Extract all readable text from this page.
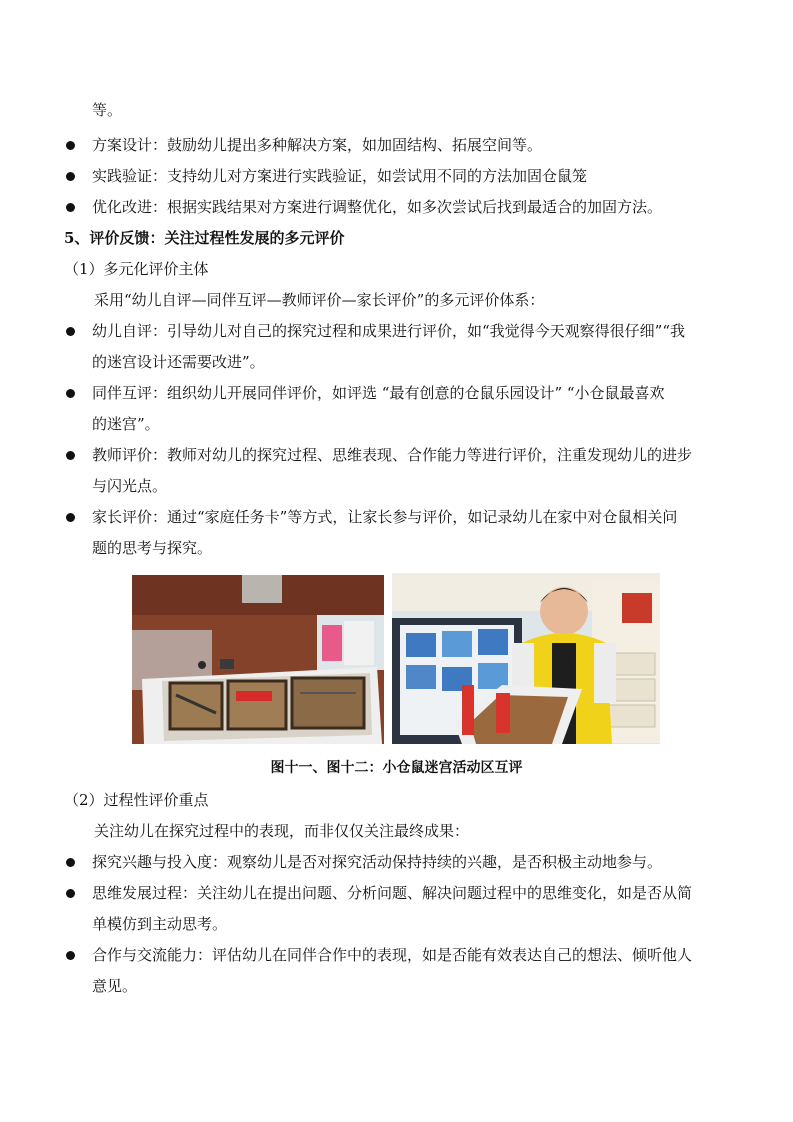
等。
方案设计：鼓励幼儿提出多种解决方案，如加固结构、拓展空间等。
实践验证：支持幼儿对方案进行实践验证，如尝试用不同的方法加固仓鼠笼
优化改进：根据实践结果对方案进行调整优化，如多次尝试后找到最适合的加固方法。
5、评价反馈：关注过程性发展的多元评价
（1）多元化评价主体
采用“幼儿自评—同伴互评—教师评价—家长评价”的多元评价体系：
幼儿自评：引导幼儿对自己的探究过程和成果进行评价，如“我觉得今天观察得很仔细”“我
的迷宫设计还需要改进”。
同伴互评：组织幼儿开展同伴评价，如评选 “最有创意的仓鼠乐园设计” “小仓鼠最喜欢
的迷宫”。
教师评价：教师对幼儿的探究过程、思维表现、合作能力等进行评价，注重发现幼儿的进步
与闪光点。
家长评价：通过“家庭任务卡”等方式，让家长参与评价，如记录幼儿在家中对仓鼠相关问
题的思考与探究。
图十一、图十二：小仓鼠迷宫活动区互评
（2）过程性评价重点
关注幼儿在探究过程中的表现，而非仅仅关注最终成果：
探究兴趣与投入度：观察幼儿是否对探究活动保持持续的兴趣，是否积极主动地参与。
思维发展过程：关注幼儿在提出问题、分析问题、解决问题过程中的思维变化，如是否从简
单模仿到主动思考。
合作与交流能力：评估幼儿在同伴合作中的表现，如是否能有效表达自己的想法、倾听他人
意见。
